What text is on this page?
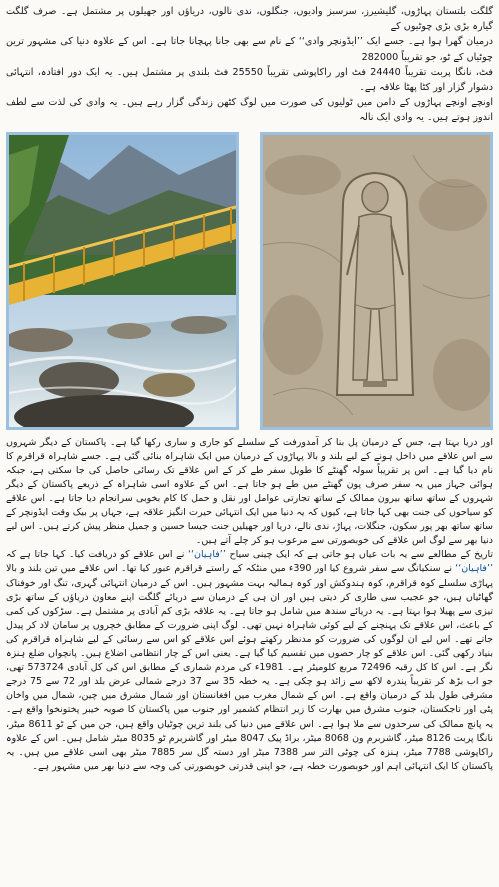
گلگت بلتستان پہاڑوں، گلیشیرز، سرسبز وادیوں، جنگلوں، ندی نالوں، دریاؤں اور جھیلوں پر مشتمل ہے۔ صرف گلگت گیارہ بڑی بڑی چوٹیوں کے

درمیان گھرا ہوا ہے۔ جسے ایک ’’ایڈونچر وادی‘‘ کے نام سے بھی جانا پہچانا جاتا ہے۔ اس کے علاوہ دنیا کی مشہور ترین چوٹیاں کے ٹو، جو تقریباً 282000

فٹ، نانگا پربت تقریباً 24440 فٹ اور راکاپوشی تقریباً 25550 فٹ بلندی پر مشتمل ہیں۔ یہ ایک دور افتادہ، انتہائی دشوار گزار اور کٹا پھٹا علاقہ ہے۔

اونچے اونچے پہاڑوں کے دامن میں ٹولیوں کی صورت میں لوگ کٹھن زندگی گزار رہے ہیں۔ یہ وادی کی لذت سے لطف اندوز ہوتے ہیں۔ یہ وادی ایک نالہ

اور دریا بہتا ہے، جس کے درمیان پل بنا کر آمدورفت کے سلسلے کو جاری و ساری رکھا گیا ہے۔ پاکستان کے دیگر شہروں سے اس علاقے میں داخل ہونے کے لیے بلند و بالا پہاڑوں کے درمیان میں ایک شاہراہ بنائی گئی ہے۔ جسے شاہراہ قراقرم کا نام دیا گیا ہے۔ اس پر تقریباً سولہ گھنٹے کا طویل سفر طے کر کے اس علاقے تک رسائی حاصل کی جا سکتی ہے، جبکہ ہوائی جہاز میں یہ سفر صرف پون گھنٹے میں طے ہو جاتا ہے۔ اس کے علاوہ اسی شاہراہ کے ذریعے پاکستان کے دیگر شہروں کے ساتھ ساتھ بیرون ممالک کے ساتھ تجارتی عوامل اور نقل و حمل کا کام بخوبی سرانجام دیا جاتا ہے۔ اس علاقے کو سیاحوں کی جنت بھی کہا جاتا ہے، کیوں کہ یہ دنیا میں ایک انتہائی حیرت انگیز علاقہ ہے، جہاں پر بیک وقت ایڈونچر کے ساتھ ساتھ بھر پور سکون، جنگلات، پہاڑ، ندی نالے، دریا اور جھیلیں جنت جیسا حسین و جمیل منظر پیش کرتے ہیں۔ اس لیے دنیا بھر سے لوگ اس علاقے کی خوبصورتی سے مرعوب ہو کر چلے آتے ہیں۔

تاریخ کے مطالعے سے یہ بات عیاں ہو جاتی ہے کہ ایک چینی سیاح ’’فاہیان‘‘ نے اس علاقے کو دریافت کیا۔ کہا جاتا ہے کہ ’’فاہیان‘‘ نے سنکیانگ سے سفر شروع کیا اور 390ء میں منٹکہ کے راستے قراقرم عبور کیا تھا۔ اس علاقے میں تین بلند و بالا پہاڑی سلسلے کوہ قراقرم، کوہ ہندوکش اور کوہ ہمالیہ بہت مشہور ہیں۔ اس کے درمیان انتہائی گہری، تنگ اور خوفناک گھاٹیاں ہیں، جو عجیب سی طاری کر دیتی ہیں اور ان ہی کے درمیان سے دریائے گلگت اپنے معاون دریاؤں کے ساتھ بڑی تیزی سے پھیلا ہوا بہتا ہے۔ یہ دریائے سندھ میں شامل ہو جاتا ہے۔ یہ علاقہ بڑی کم آبادی پر مشتمل ہے۔ سڑکوں کی کمی کے باعث، اس علاقے تک پہنچنے کے لیے کوئی شاہراہ نہیں تھی۔ لوگ اپنی ضرورت کے مطابق خچروں پر سامان لاد کر پیدل جاتے تھے۔ اس لیے ان لوگوں کی ضرورت کو مدنظر رکھتے ہوئے اس علاقے کو اس سے رسائی کے لیے شاہراہ قراقرم کی بنیاد رکھی گئی۔ اس علاقے کو چار حصوں میں تقسیم کیا گیا ہے۔ یعنی اس کے چار انتظامی اضلاع ہیں۔ پانچواں ضلع ہنزہ نگر ہے۔ اس کا کل رقبہ 72496 مربع کلومیٹر ہے۔ 1981ء کی مردم شماری کے مطابق اس کی کل آبادی 573724 تھی، جو اب بڑھ کر تقریباً پندرہ لاکھ سے زائد ہو چکی ہے۔ یہ خطہ 35 سے 37 درجے شمالی عرض بلد اور 72 سے 75 درجے مشرقی طول بلد کے درمیان واقع ہے۔ اس کے شمال مغرب میں افغانستان اور شمال مشرق میں چین، شمال میں واخان پٹی اور تاجکستان، جنوب مشرق میں بھارت کا زیر انتظام کشمیر اور جنوب میں پاکستان کا صوبہ خیبر پختونخوا واقع ہے۔ یہ پانچ ممالک کی سرحدوں سے ملا ہوا ہے۔ اس علاقے میں دنیا کی بلند ترین چوٹیاں واقع ہیں، جن میں کے ٹو 8611 میٹر، نانگا پربت 8126 میٹر، گاشربرم ون 8068 میٹر، براڈ پیک 8047 میٹر اور گاشربرم ٹو 8035 میٹر شامل ہیں۔ اس کے علاوہ راکاپوشی 7788 میٹر، ہنزہ کی چوٹی التر سر 7388 میٹر اور دستہ گل سر 7885 میٹر بھی اسی علاقے میں ہیں۔ یہ پاکستان کا ایک انتہائی اہم اور خوبصورت خطہ ہے، جو اپنی قدرتی خوبصورتی کی وجہ سے دنیا بھر میں مشہور ہے۔
